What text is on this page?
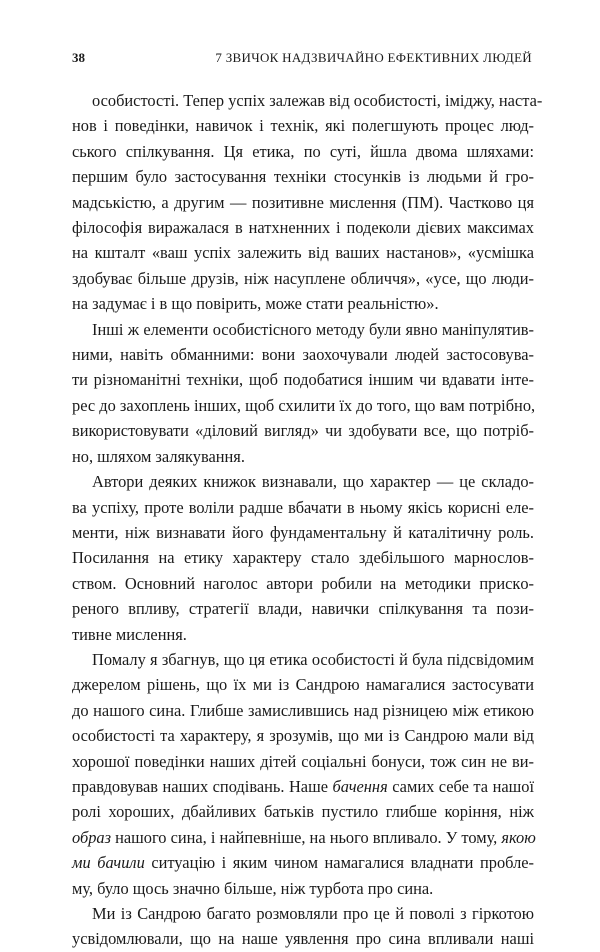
38	7 ЗВИЧОК НАДЗВИЧАЙНО ЕФЕКТИВНИХ ЛЮДЕЙ
особистості. Тепер успіх залежав від особистості, іміджу, наста-
нов і поведінки, навичок і технік, які полегшують процес люд-
ського спілкування. Ця етика, по суті, йшла двома шляхами:
першим було застосування техніки стосунків із людьми й гро-
мадськістю, а другим — позитивне мислення (ПМ). Частково ця
філософія виражалася в натхненних і подеколи дієвих максимах
на кшталт «ваш успіх залежить від ваших настанов», «усмішка
здобуває більше друзів, ніж насуплене обличчя», «усе, що люди-
на задумає і в що повірить, може стати реальністю».
Інші ж елементи особистісного методу були явно маніпулятив-
ними, навіть обманними: вони заохочували людей застосовува-
ти різноманітні техніки, щоб подобатися іншим чи вдавати інте-
рес до захоплень інших, щоб схилити їх до того, що вам потрібно,
використовувати «діловий вигляд» чи здобувати все, що потріб-
но, шляхом залякування.
Автори деяких книжок визнавали, що характер — це складо-
ва успіху, проте воліли радше вбачати в ньому якісь корисні еле-
менти, ніж визнавати його фундаментальну й каталітичну роль.
Посилання на етику характеру стало здебільшого марнослов-
ством. Основний наголос автори робили на методики прискo-
реного впливу, стратегії влади, навички спілкування та пози-
тивне мислення.
Помалу я збагнув, що ця етика особистості й була підсвідомим
джерелом рішень, що їх ми із Сандрою намагалися застосувати
до нашого сина. Глибше замислившись над різницею між етикою
особистості та характеру, я зрозумів, що ми із Сандрою мали від
хорошої поведінки наших дітей соціальні бонуси, тож син не ви-
правдовував наших сподівань. Наше бачення самих себе та нашої
ролі хороших, дбайливих батьків пустило глибше коріння, ніж
образ нашого сина, і найпевніше, на нього впливало. У тому, якою
ми бачили ситуацію і яким чином намагалися владнати пробле-
му, було щось значно більше, ніж турбота про сина.
Ми із Сандрою багато розмовляли про це й поволі з гіркотою
усвідомлювали, що на наше уявлення про сина впливали наші
